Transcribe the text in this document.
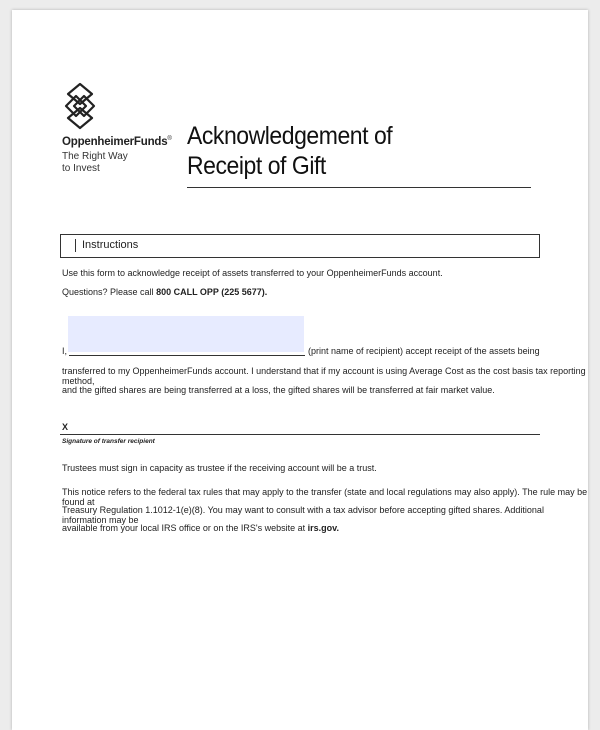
OppenheimerFunds®
The Right Way
to Invest
Acknowledgement of
Receipt of Gift
Instructions
Use this form to acknowledge receipt of assets transferred to your OppenheimerFunds account.
Questions? Please call 800 CALL OPP (225 5677).
I,	(print name of recipient) accept receipt of the assets being
transferred to my OppenheimerFunds account. I understand that if my account is using Average Cost as the cost basis tax reporting method,
and the gifted shares are being transferred at a loss, the gifted shares will be transferred at fair market value.
X
Signature of transfer recipient
Trustees must sign in capacity as trustee if the receiving account will be a trust.
This notice refers to the federal tax rules that may apply to the transfer (state and local regulations may also apply). The rule may be found at
Treasury Regulation 1.1012-1(e)(8). You may want to consult with a tax advisor before accepting gifted shares. Additional information may be
available from your local IRS office or on the IRS's website at irs.gov.
